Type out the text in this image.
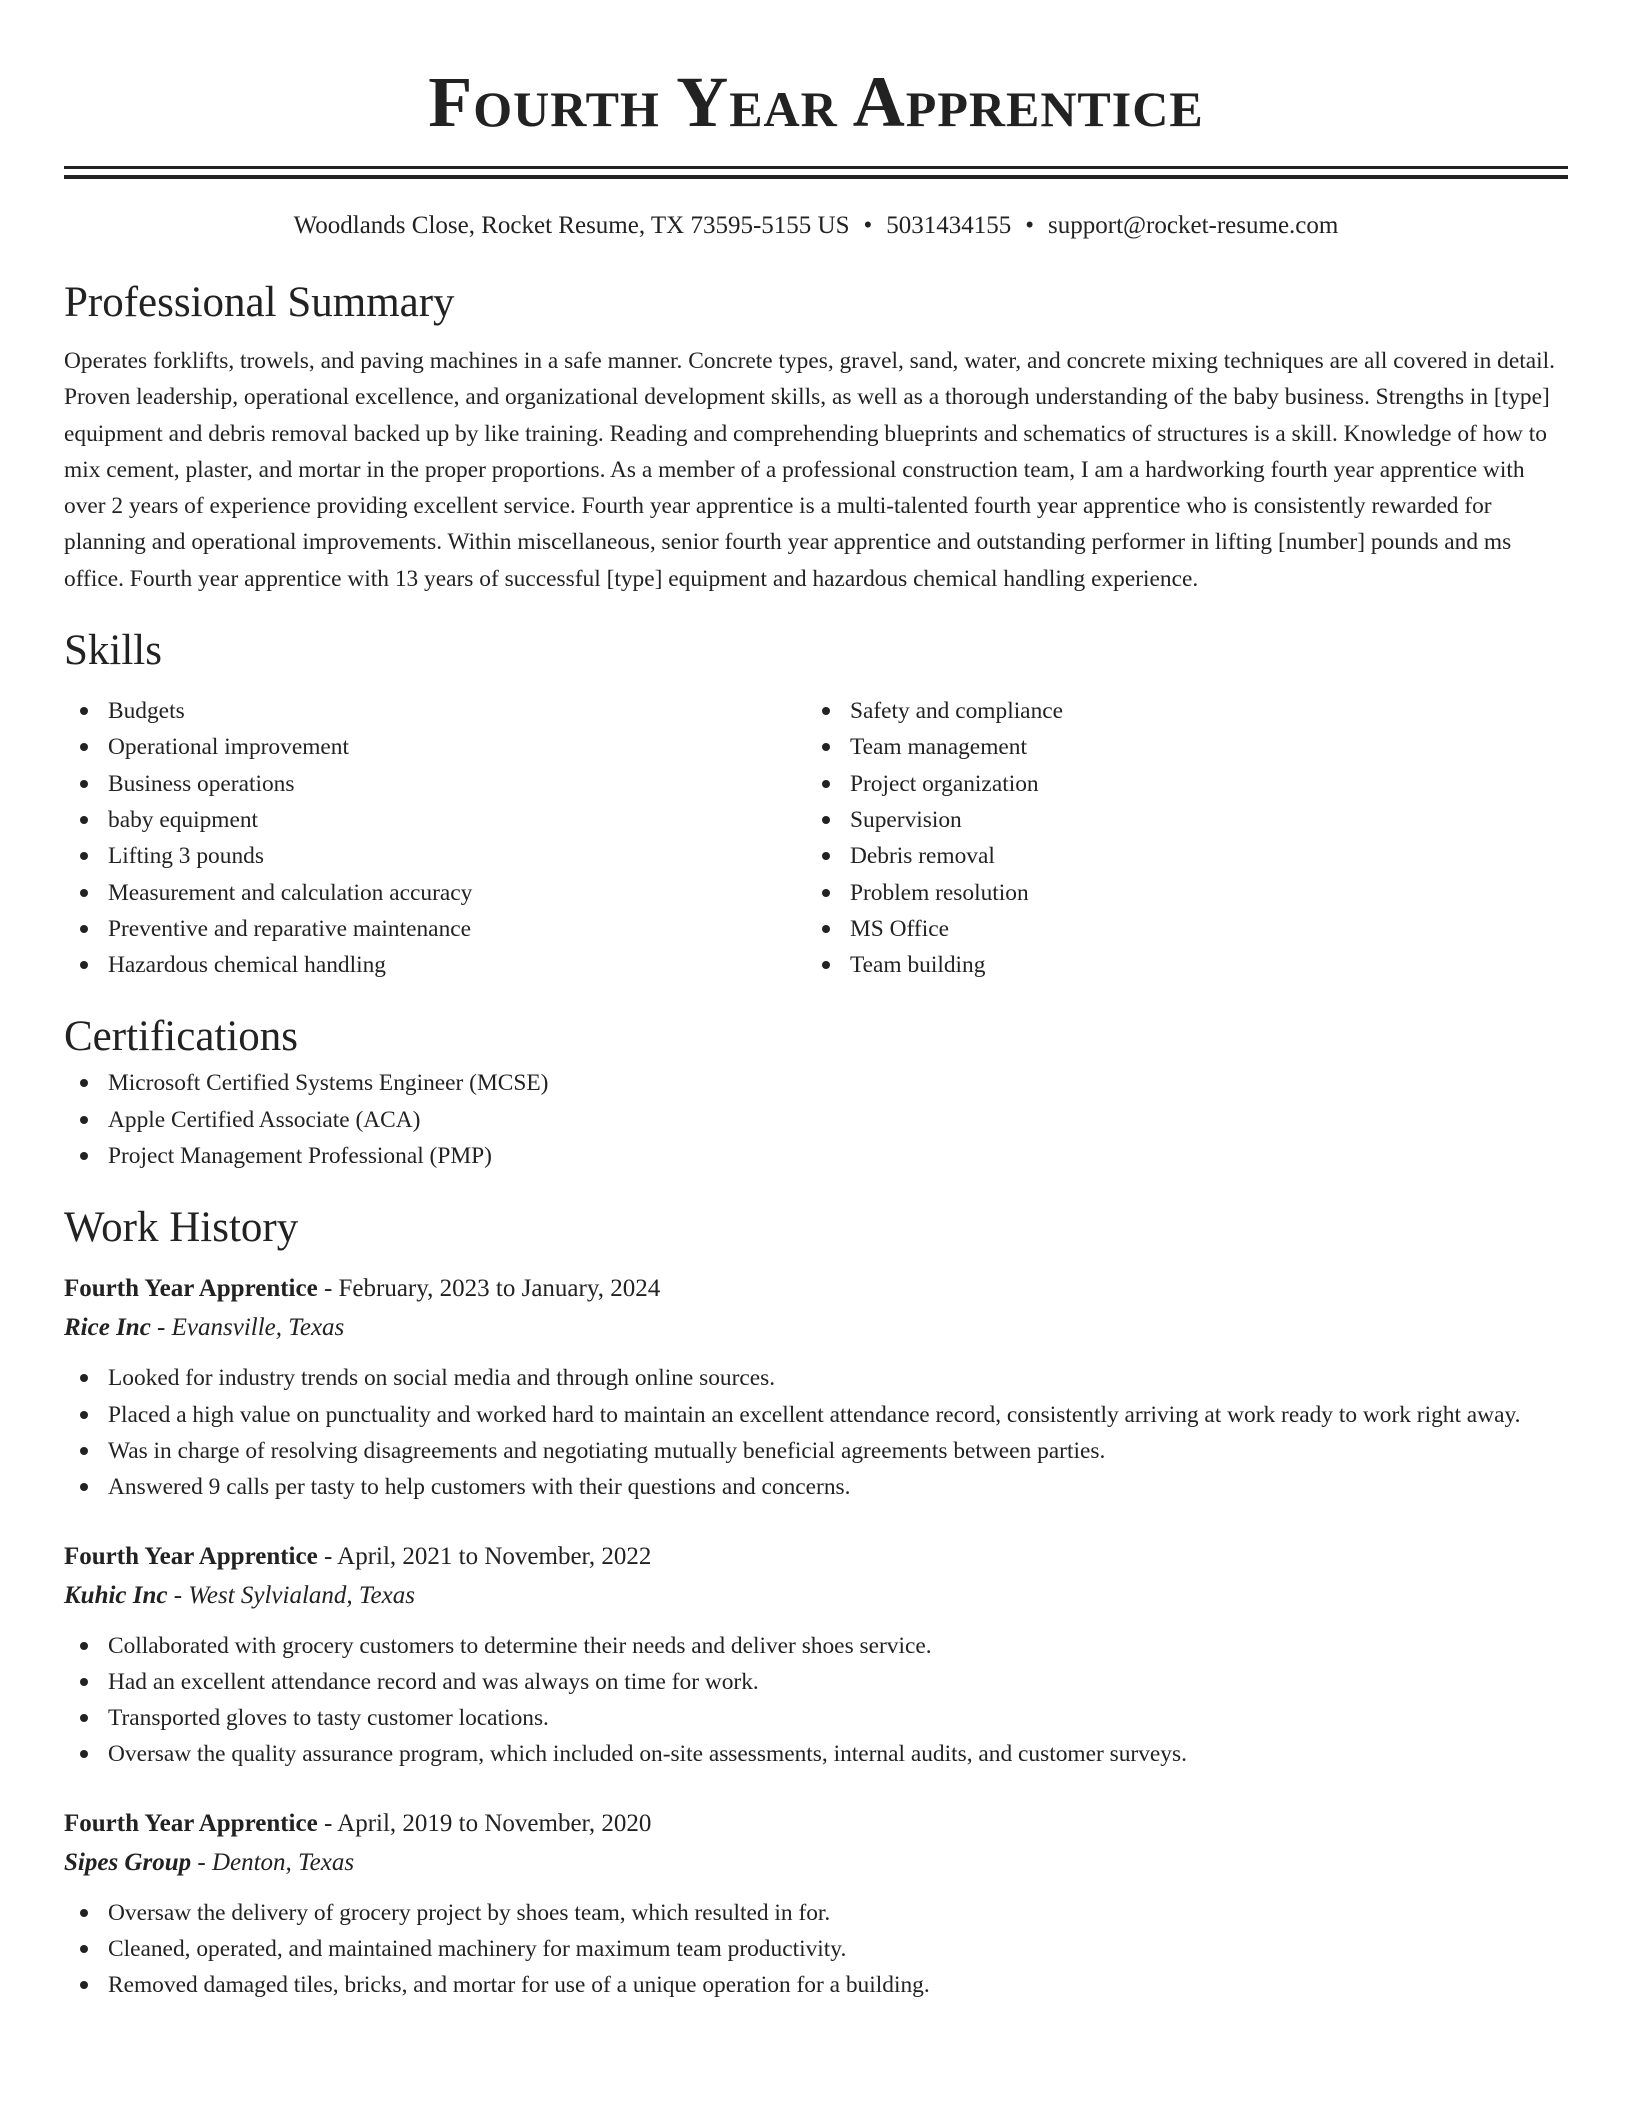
Fourth Year Apprentice
Woodlands Close, Rocket Resume, TX 73595-5155 US • 5031434155 • support@rocket-resume.com
Professional Summary

Operates forklifts, trowels, and paving machines in a safe manner. Concrete types, gravel, sand, water, and concrete mixing techniques are all covered in detail. Proven leadership, operational excellence, and organizational development skills, as well as a thorough understanding of the baby business. Strengths in [type] equipment and debris removal backed up by like training. Reading and comprehending blueprints and schematics of structures is a skill. Knowledge of how to mix cement, plaster, and mortar in the proper proportions. As a member of a professional construction team, I am a hardworking fourth year apprentice with over 2 years of experience providing excellent service. Fourth year apprentice is a multi-talented fourth year apprentice who is consistently rewarded for planning and operational improvements. Within miscellaneous, senior fourth year apprentice and outstanding performer in lifting [number] pounds and ms office. Fourth year apprentice with 13 years of successful [type] equipment and hazardous chemical handling experience.

Skills
Budgets
Operational improvement
Business operations
baby equipment
Lifting 3 pounds
Measurement and calculation accuracy
Preventive and reparative maintenance
Hazardous chemical handling
Safety and compliance
Team management
Project organization
Supervision
Debris removal
Problem resolution
MS Office
Team building
Certifications
Microsoft Certified Systems Engineer (MCSE)
Apple Certified Associate (ACA)
Project Management Professional (PMP)
Work History
Fourth Year Apprentice - February, 2023 to January, 2024
Rice Inc - Evansville, Texas
Looked for industry trends on social media and through online sources.
Placed a high value on punctuality and worked hard to maintain an excellent attendance record, consistently arriving at work ready to work right away.
Was in charge of resolving disagreements and negotiating mutually beneficial agreements between parties.
Answered 9 calls per tasty to help customers with their questions and concerns.
Fourth Year Apprentice - April, 2021 to November, 2022
Kuhic Inc - West Sylvialand, Texas
Collaborated with grocery customers to determine their needs and deliver shoes service.
Had an excellent attendance record and was always on time for work.
Transported gloves to tasty customer locations.
Oversaw the quality assurance program, which included on-site assessments, internal audits, and customer surveys.
Fourth Year Apprentice - April, 2019 to November, 2020
Sipes Group - Denton, Texas
Oversaw the delivery of grocery project by shoes team, which resulted in for.
Cleaned, operated, and maintained machinery for maximum team productivity.
Removed damaged tiles, bricks, and mortar for use of a unique operation for a building.
